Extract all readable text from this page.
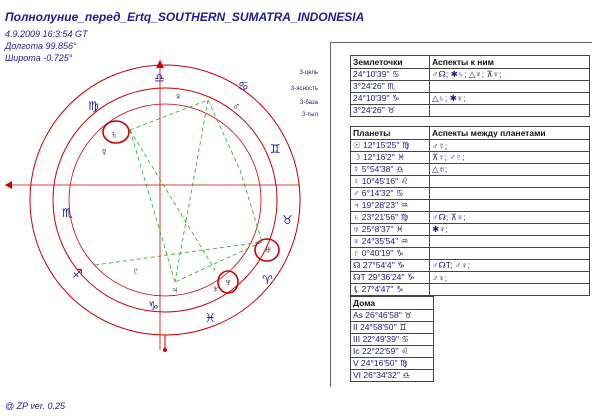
Полнолуние_перед_Ertq_SOUTHERN_SUMATRA_INDONESIA
4.9.2009 16:3:54 GT
Долгота 99.856°
Широта -0.725°
♎
♍
♋
♊
♉
♈
♓
♑
♐
♏
3-цель
3-ясность
3-база
3-тыл
♄
☿
♀
♂
♃
♅
♆
♇
♆
Землеточки	Аспекты к ним
24°10'39'' ♋	♂☊; ✱♄; △♆; ⊼♆;
3°24'26'' ♏	
24°10'39'' ♑	△♄; ✱♆;
3°24'26'' ♉	
Планеты	Аспекты между планетами
☉ 12°15'25'' ♍	♂☿;
☽ 12°16'2'' ♓	⊼♀; ♂♇;
☿ 5°54'38'' ♎	△♅;
♀ 10°45'16'' ♌	
♂ 6°14'32'' ♋	
♃ 19°28'23'' ♒	
♄ 23°21'56'' ♍	♂☊; ⊼♆;
♅ 25°8'37'' ♓	✱♆;
♆ 24°35'54'' ♒	
♇ 0°40'19'' ♑	
☊ 27°54'4'' ♑	♂☊T; ♂♆;
☊T 29°36'24'' ♑	♂♆;
⚸ 27°4'47'' ♑	
Дома
As 26°46'58'' ♉
II 24°58'50'' ♊
III 22°49'39'' ♋
Ic 22°22'59'' ♌
V 24°16'50'' ♍
VI 26°34'32'' ♎
@ ZP ver. 0.25
